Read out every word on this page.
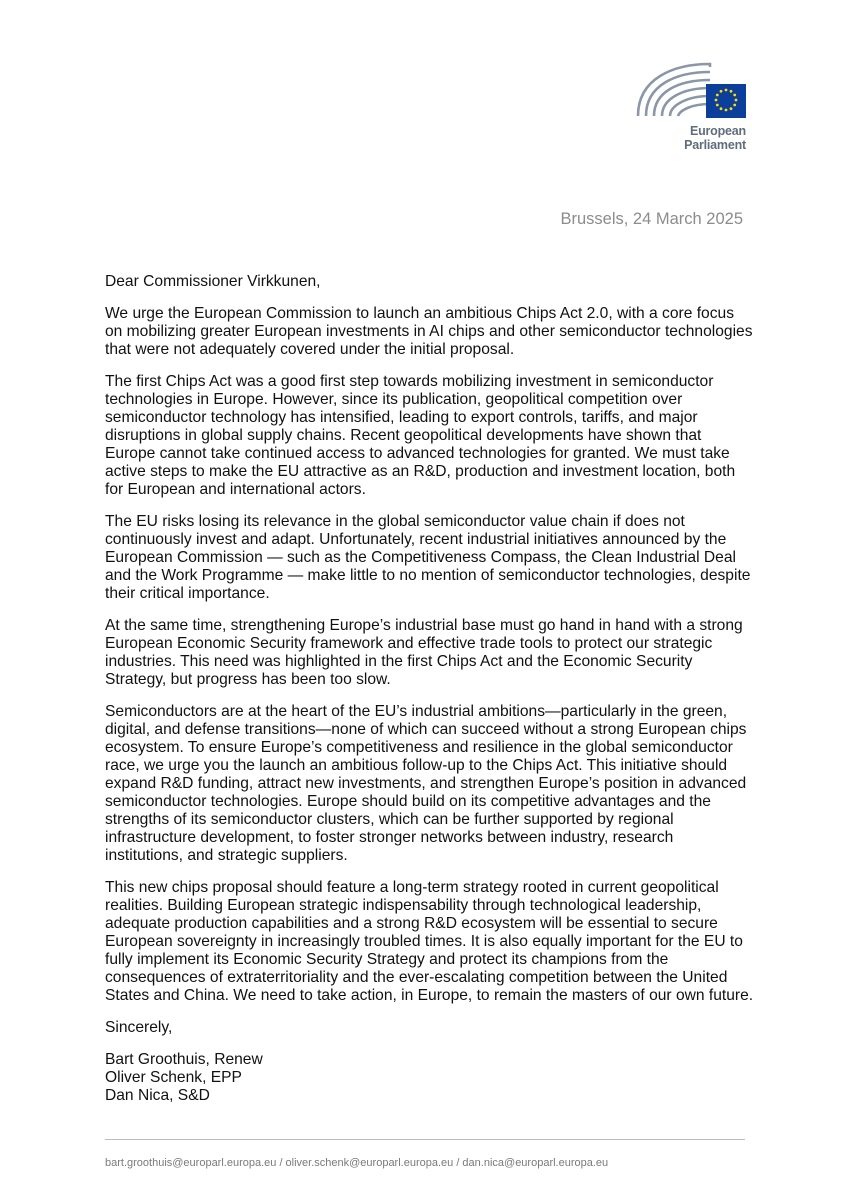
European Parliament
Brussels, 24 March 2025

Dear Commissioner Virkkunen,

We urge the European Commission to launch an ambitious Chips Act 2.0, with a core focus on mobilizing greater European investments in AI chips and other semiconductor technologies that were not adequately covered under the initial proposal.

The first Chips Act was a good first step towards mobilizing investment in semiconductor technologies in Europe. However, since its publication, geopolitical competition over semiconductor technology has intensified, leading to export controls, tariffs, and major disruptions in global supply chains. Recent geopolitical developments have shown that Europe cannot take continued access to advanced technologies for granted. We must take active steps to make the EU attractive as an R&D, production and investment location, both for European and international actors.

The EU risks losing its relevance in the global semiconductor value chain if does not continuously invest and adapt. Unfortunately, recent industrial initiatives announced by the European Commission — such as the Competitiveness Compass, the Clean Industrial Deal and the Work Programme — make little to no mention of semiconductor technologies, despite their critical importance.

At the same time, strengthening Europe’s industrial base must go hand in hand with a strong European Economic Security framework and effective trade tools to protect our strategic industries. This need was highlighted in the first Chips Act and the Economic Security Strategy, but progress has been too slow.

Semiconductors are at the heart of the EU’s industrial ambitions—particularly in the green, digital, and defense transitions—none of which can succeed without a strong European chips ecosystem. To ensure Europe’s competitiveness and resilience in the global semiconductor race, we urge you the launch an ambitious follow-up to the Chips Act. This initiative should expand R&D funding, attract new investments, and strengthen Europe’s position in advanced semiconductor technologies. Europe should build on its competitive advantages and the strengths of its semiconductor clusters, which can be further supported by regional infrastructure development, to foster stronger networks between industry, research institutions, and strategic suppliers.

This new chips proposal should feature a long-term strategy rooted in current geopolitical realities. Building European strategic indispensability through technological leadership, adequate production capabilities and a strong R&D ecosystem will be essential to secure European sovereignty in increasingly troubled times. It is also equally important for the EU to fully implement its Economic Security Strategy and protect its champions from the consequences of extraterritoriality and the ever-escalating competition between the United States and China. We need to take action, in Europe, to remain the masters of our own future.

Sincerely,

Bart Groothuis, Renew
Oliver Schenk, EPP
Dan Nica, S&D
bart.groothuis@europarl.europa.eu / oliver.schenk@europarl.europa.eu / dan.nica@europarl.europa.eu
